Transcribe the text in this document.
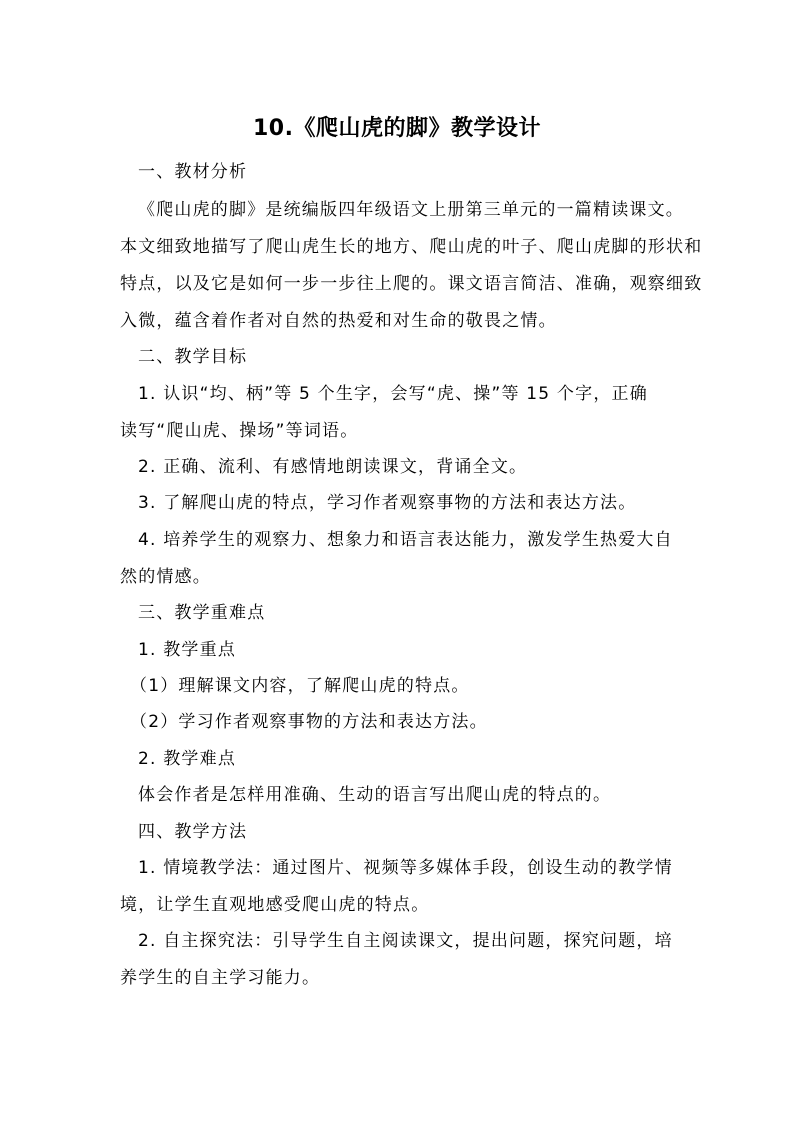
10.《爬山虎的脚》教学设计
一、教材分析
《爬山虎的脚》是统编版四年级语文上册第三单元的一篇精读课文。
本文细致地描写了爬山虎生长的地方、爬山虎的叶子、爬山虎脚的形状和
特点，以及它是如何一步一步往上爬的。课文语言简洁、准确，观察细致
入微，蕴含着作者对自然的热爱和对生命的敬畏之情。
二、教学目标
1. 认识“均、柄”等 5 个生字，会写“虎、操”等 15 个字，正确
读写“爬山虎、操场”等词语。
2. 正确、流利、有感情地朗读课文，背诵全文。
3. 了解爬山虎的特点，学习作者观察事物的方法和表达方法。
4. 培养学生的观察力、想象力和语言表达能力，激发学生热爱大自
然的情感。
三、教学重难点
1. 教学重点
（1）理解课文内容，了解爬山虎的特点。
（2）学习作者观察事物的方法和表达方法。
2. 教学难点
体会作者是怎样用准确、生动的语言写出爬山虎的特点的。
四、教学方法
1. 情境教学法：通过图片、视频等多媒体手段，创设生动的教学情
境，让学生直观地感受爬山虎的特点。
2. 自主探究法：引导学生自主阅读课文，提出问题，探究问题，培
养学生的自主学习能力。
